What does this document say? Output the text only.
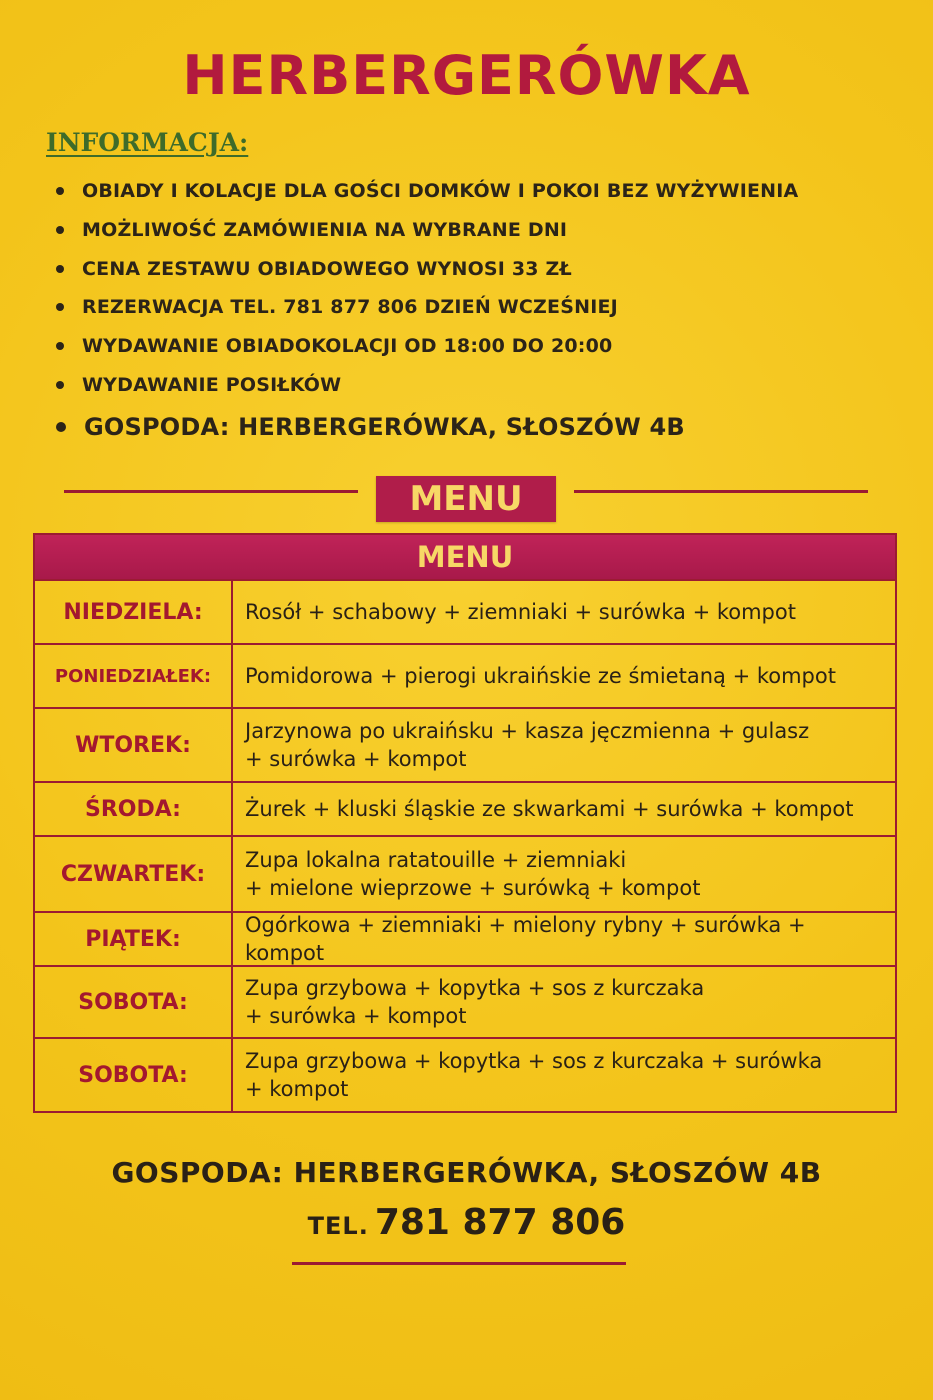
HERBERGERÓWKA
INFORMACJA:
OBIADY I KOLACJE DLA GOŚCI DOMKÓW I POKOI BEZ WYŻYWIENIA
MOŻLIWOŚĆ ZAMÓWIENIA NA WYBRANE DNI
CENA ZESTAWU OBIADOWEGO WYNOSI 33 ZŁ
REZERWACJA TEL. 781 877 806 DZIEŃ WCZEŚNIEJ
WYDAWANIE OBIADOKOLACJI OD 18:00 DO 20:00
WYDAWANIE POSIŁKÓW
GOSPODA: HERBERGERÓWKA, SŁOSZÓW 4B
MENU
MENU
NIEDZIELA:	Rosół + schabowy + ziemniaki + surówka + kompot
PONIEDZIAŁEK:	Pomidorowa + pierogi ukraińskie ze śmietaną + kompot
WTOREK:
Jarzynowa po ukraińsku + kasza jęczmienna + gulasz
+ surówka + kompot
ŚRODA:	Żurek + kluski śląskie ze skwarkami + surówka + kompot
CZWARTEK:
Zupa lokalna ratatouille + ziemniaki
+ mielone wieprzowe + surówką + kompot
PIĄTEK:
Ogórkowa + ziemniaki + mielony rybny + surówka + kompot
SOBOTA:
Zupa grzybowa + kopytka + sos z kurczaka
+ surówka + kompot
SOBOTA:
Zupa grzybowa + kopytka + sos z kurczaka + surówka
+ kompot
GOSPODA: HERBERGERÓWKA, SŁOSZÓW 4B
TEL. 781 877 806
